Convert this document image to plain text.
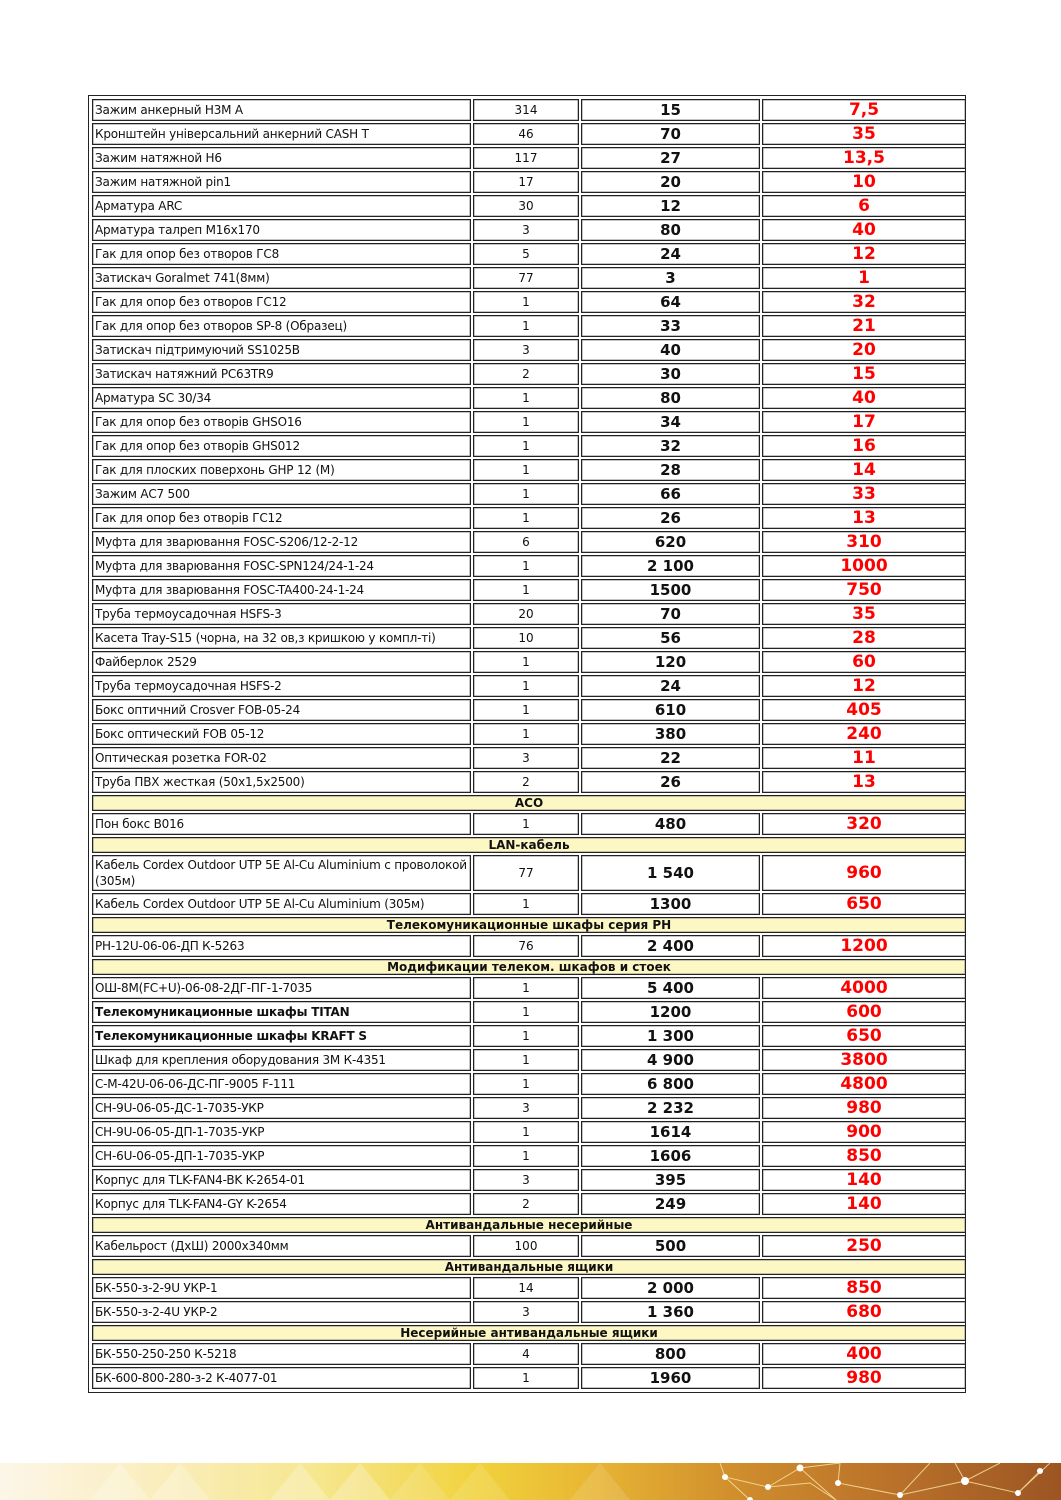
Зажим анкерный Н3М А	314	15	7,5
Кронштейн універсальний анкерний CASH T	46	70	35
Зажим натяжной Н6	117	27	13,5
Зажим натяжной pin1	17	20	10
Арматура ARC	30	12	6
Арматура талреп М16х170	3	80	40
Гак для опор без отворов ГС8	5	24	12
Затискач Goralmet 741(8мм)	77	3	1
Гак для опор без отворов ГС12	1	64	32
Гак для опор без отворов SP-8 (Образец)	1	33	21
Затискач підтримуючий SS1025B	3	40	20
Затискач натяжний PC63TR9	2	30	15
Арматура SC 30/34	1	80	40
Гак для опор без отворів GHSO16	1	34	17
Гак для опор без отворів GHS012	1	32	16
Гак для плоских поверхонь GHP 12 (M)	1	28	14
Зажим АС7 500	1	66	33
Гак для опор без отворів ГС12	1	26	13
Муфта для зварювання FOSC-S206/12-2-12	6	620	310
Муфта для зварювання FOSC-SPN124/24-1-24	1	2 100	1000
Муфта для зварювання FOSC-TA400-24-1-24	1	1500	750
Труба термоусадочная HSFS-3	20	70	35
Касета Tray-S15 (чорна, на 32 ов,з кришкою у компл-ті)	10	56	28
Файберлок 2529	1	120	60
Труба термоусадочная HSFS-2	1	24	12
Бокс оптичний Crosver FOB-05-24	1	610	405
Бокс оптический FOB 05-12	1	380	240
Оптическая розетка FOR-02	3	22	11
Труба ПВХ жесткая (50х1,5х2500)	2	26	13
АСО			
Пон бокс B016	1	480	320
LAN-кабель			
Кабель Cordex Outdoor UTP 5E Al-Cu Aluminium с проволокой (305м)	77	1 540	960
Кабель Cordex Outdoor UTP 5E Al-Cu Aluminium (305м)	1	1300	650
Телекомуникационные шкафы серия РН			
РН-12U-06-06-ДП К-5263	76	2 400	1200
Модификации телеком. шкафов и стоек			
ОШ-8М(FC+U)-06-08-2ДГ-ПГ-1-7035	1	5 400	4000
Телекомуникационные шкафы TITAN	1	1200	600
Телекомуникационные шкафы KRAFT S	1	1 300	650
Шкаф для крепления оборудования 3М К-4351	1	4 900	3800
С-М-42U-06-06-ДС-ПГ-9005 F-111	1	6 800	4800
СН-9U-06-05-ДС-1-7035-УКР	3	2 232	980
СН-9U-06-05-ДП-1-7035-УКР	1	1614	900
СН-6U-06-05-ДП-1-7035-УКР	1	1606	850
Корпус для TLK-FAN4-BK K-2654-01	3	395	140
Корпус для TLK-FAN4-GY K-2654	2	249	140
Антивандальные несерийные			
Кабельрост (ДхШ) 2000х340мм	100	500	250
Антивандальные ящики			
БК-550-з-2-9U УКР-1	14	2 000	850
БК-550-з-2-4U УКР-2	3	1 360	680
Несерийные антивандальные ящики			
БК-550-250-250 К-5218	4	800	400
БК-600-800-280-з-2 К-4077-01	1	1960	980
